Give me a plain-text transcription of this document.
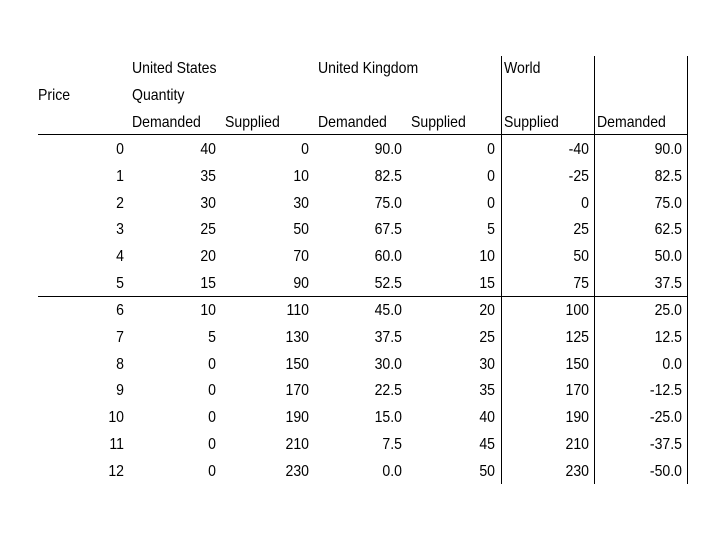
Price
United States	United Kingdom	World
Quantity
Demanded Supplied Demanded Supplied Supplied Demanded
0	40	0	90.0	0	-40	90.0
1	35	10	82.5	0	-25	82.5
2	30	30	75.0	0	0	75.0
3	25	50	67.5	5	25	62.5
4	20	70	60.0	10	50	50.0
5	15	90	52.5	15	75	37.5
6	10	110	45.0	20	100	25.0
7	5	130	37.5	25	125	12.5
8	0	150	30.0	30	150	0.0
9	0	170	22.5	35	170	-12.5
10	0	190	15.0	40	190	-25.0
11	0	210	7.5	45	210	-37.5
12	0	230	0.0	50	230	-50.0
